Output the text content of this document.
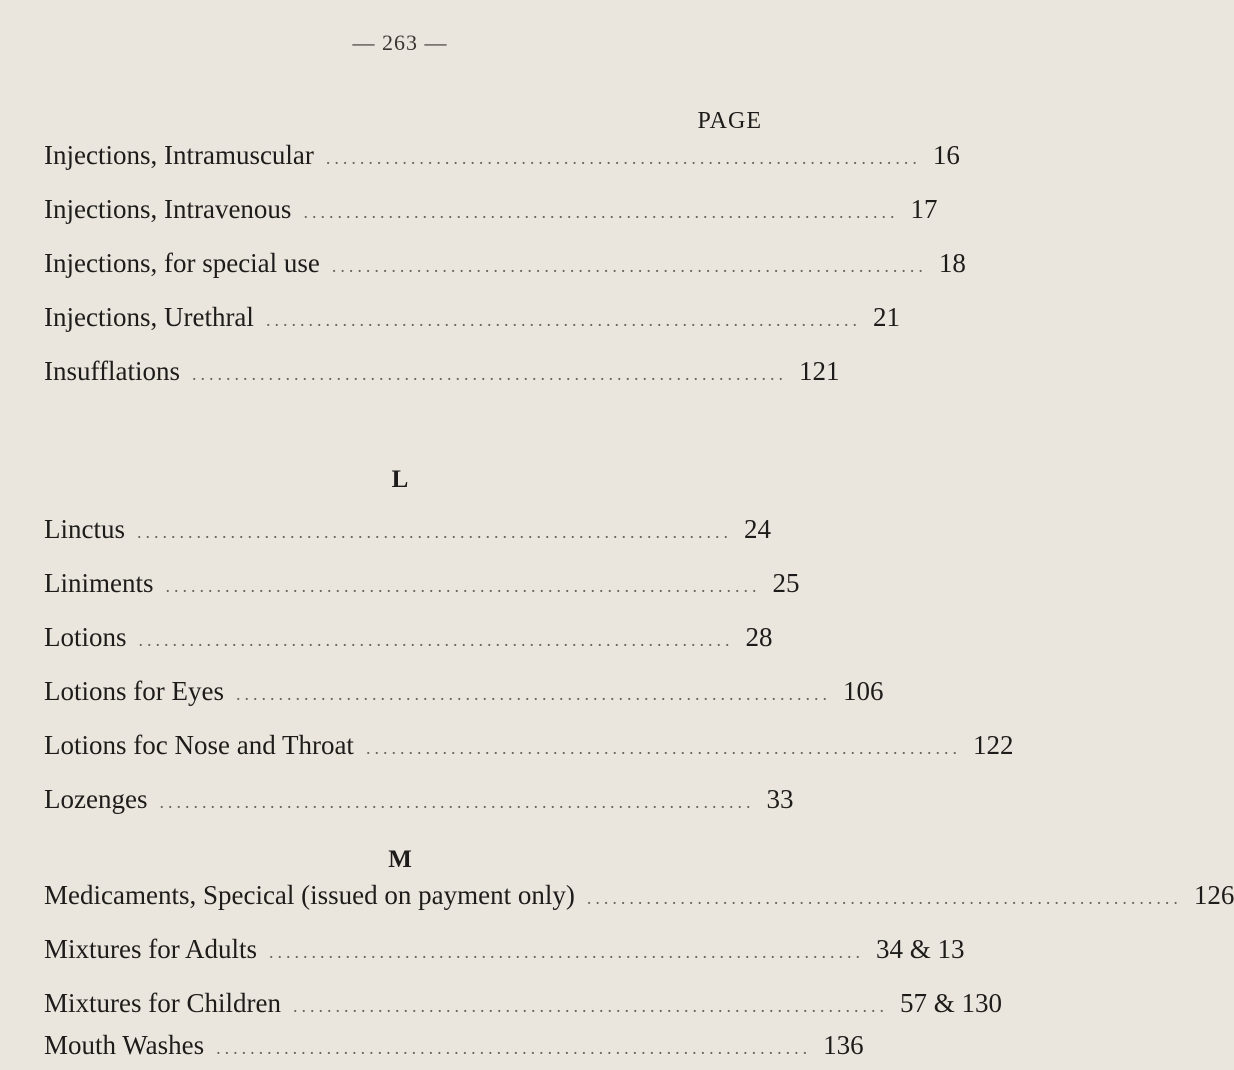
— 263 —
PAGE
Injections, Intramuscular ...................................................................... 16
Injections, Intravenous ...................................................................... 17
Injections, for special use ...................................................................... 18
Injections, Urethral ...................................................................... 21
Insufflations ...................................................................... 121
L
Linctus ...................................................................... 24
Liniments ...................................................................... 25
Lotions ...................................................................... 28
Lotions for Eyes ...................................................................... 106
Lotions foc Nose and Throat ...................................................................... 122
Lozenges ...................................................................... 33
M
Medicaments, Specical (issued on payment only) ...................................................................... 126
Mixtures for Adults ...................................................................... 34 & 13
Mixtures for Children ...................................................................... 57 & 130
Mouth Washes ...................................................................... 136
